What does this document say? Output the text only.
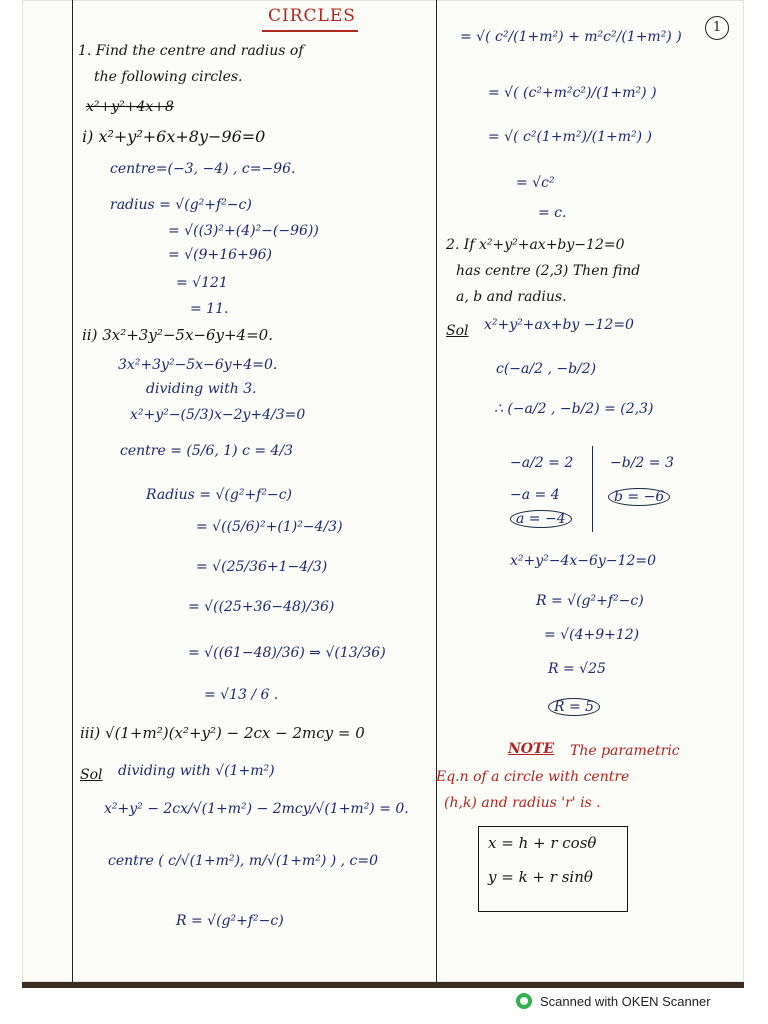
CIRCLES
1
1. Find the centre and radius of
the following circles.
x²+y²+4x+8
i) x²+y²+6x+8y−96=0
centre=(−3, −4) , c=−96.
radius = √(g²+f²−c)
= √((3)²+(4)²−(−96))
= √(9+16+96)
= √121
= 11.
ii) 3x²+3y²−5x−6y+4=0.
3x²+3y²−5x−6y+4=0.
dividing with 3.
x²+y²−(5/3)x−2y+4/3=0
centre = (5/6, 1) c = 4/3
Radius = √(g²+f²−c)
= √((5/6)²+(1)²−4/3)
= √(25/36+1−4/3)
= √((25+36−48)/36)
= √((61−48)/36) ⇒ √(13/36)
= √13 / 6 .
iii) √(1+m²)(x²+y²) − 2cx − 2mcy = 0
Sol dividing with √(1+m²)
x²+y² − 2cx/√(1+m²) − 2mcy/√(1+m²) = 0.
centre ( c/√(1+m²), m/√(1+m²) ) , c=0
R = √(g²+f²−c)
= √( c²/(1+m²) + m²c²/(1+m²) )
= √( (c²+m²c²)/(1+m²) )
= √( c²(1+m²)/(1+m²) )
= √c²
= c.
2. If x²+y²+ax+by−12=0
has centre (2,3) Then find
a, b and radius.
Sol x²+y²+ax+by −12=0
c(−a/2 , −b/2)
∴ (−a/2 , −b/2) = (2,3)
−a/2 = 2
−a = 4
a = −4
−b/2 = 3
b = −6
x²+y²−4x−6y−12=0
R = √(g²+f²−c)
= √(4+9+12)
R = √25
R = 5
NOTE The parametric
Eq.n of a circle with centre
(h,k) and radius 'r' is .
x = h + r cosθ
y = k + r sinθ
Scanned with OKEN Scanner
